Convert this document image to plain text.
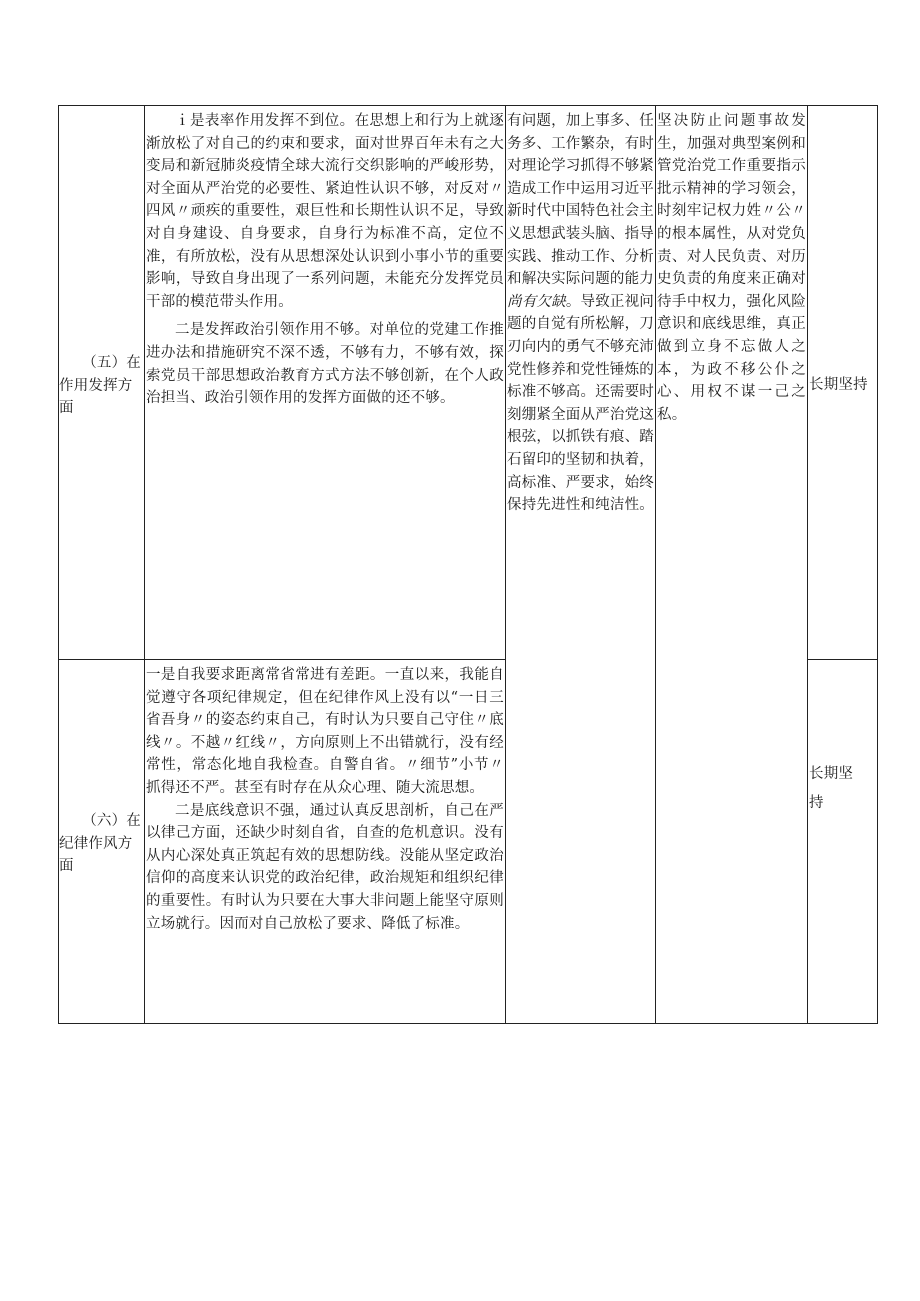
（五）在作用发挥方面

ｉ是表率作用发挥不到位。在思想上和行为上就逐渐放松了对自己的约束和要求，面对世界百年未有之大变局和新冠肺炎疫情全球大流行交织影响的严峻形势，对全面从严治党的必要性、紧迫性认识不够，对反对〃四风〃顽疾的重要性，艰巨性和长期性认识不足，导致对自身建设、自身要求，自身行为标准不高，定位不准，有所放松，没有从思想深处认识到小事小节的重要影响，导致自身出现了一系列问题，未能充分发挥党员干部的模范带头作用。

二是发挥政治引领作用不够。对单位的党建工作推进办法和措施研究不深不透，不够有力，不够有效，探索党员干部思想政治教育方式方法不够创新，在个人政治担当、政治引领作用的发挥方面做的还不够。

有问题，加上事多、任务多、工作繁杂，有时对理论学习抓得不够紧造成工作中运用习近平新时代中国特色社会主义思想武装头脑、指导实践、推动工作、分析和解决实际问题的能力尚有欠缺。导致正视问题的自觉有所松解，刀刃向内的勇气不够充沛党性修养和党性锤炼的标准不够高。还需要时刻绷紧全面从严治党这根弦，以抓铁有痕、踏石留印的坚韧和执着，高标准、严要求，始终保持先进性和纯洁性。

坚决防止问题事故发生，加强对典型案例和管党治党工作重要指示批示精神的学习领会，时刻牢记权力姓〃公〃的根本属性，从对党负责、对人民负责、对历史负责的角度来正确对待手中权力，强化风险意识和底线思维，真正做到立身不忘做人之本，为政不移公仆之心、用权不谋一己之私。

长期坚持

（六）在纪律作风方面

一是自我要求距离常省常进有差距。一直以来，我能自觉遵守各项纪律规定，但在纪律作风上没有以“一日三省吾身〃的姿态约束自己，有时认为只要自己守住〃底线〃。不越〃红线〃，方向原则上不出错就行，没有经常性，常态化地自我检查。自警自省。〃细节”小节〃抓得还不严。甚至有时存在从众心理、随大流思想。

二是底线意识不强，通过认真反思剖析，自己在严以律己方面，还缺少时刻自省，自查的危机意识。没有从内心深处真正筑起有效的思想防线。没能从坚定政治信仰的高度来认识党的政治纪律，政治规矩和组织纪律的重要性。有时认为只要在大事大非问题上能坚守原则立场就行。因而对自己放松了要求、降低了标准。

长期坚持
